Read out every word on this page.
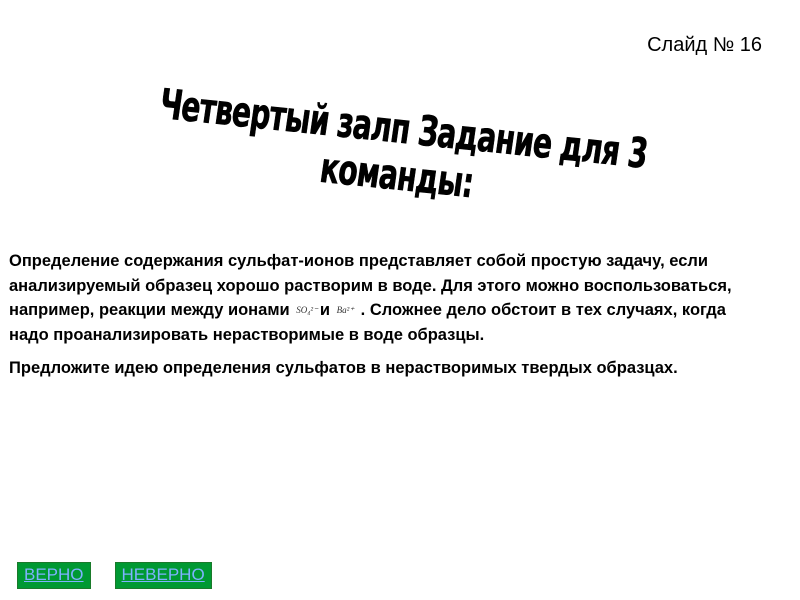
Слайд № 16
Четвертый залп Задание для 3 команды:

Определение содержания сульфат-ионов представляет собой простую задачу, если анализируемый образец хорошо растворим в воде. Для этого можно воспользоваться, например, реакции между ионами SO₄²⁻ и Ba²⁺ . Сложнее дело обстоит в тех случаях, когда надо проанализировать нерастворимые в воде образцы.

Предложите идею определения сульфатов в нерастворимых твердых образцах.

ВЕРНО	НЕВЕРНО
